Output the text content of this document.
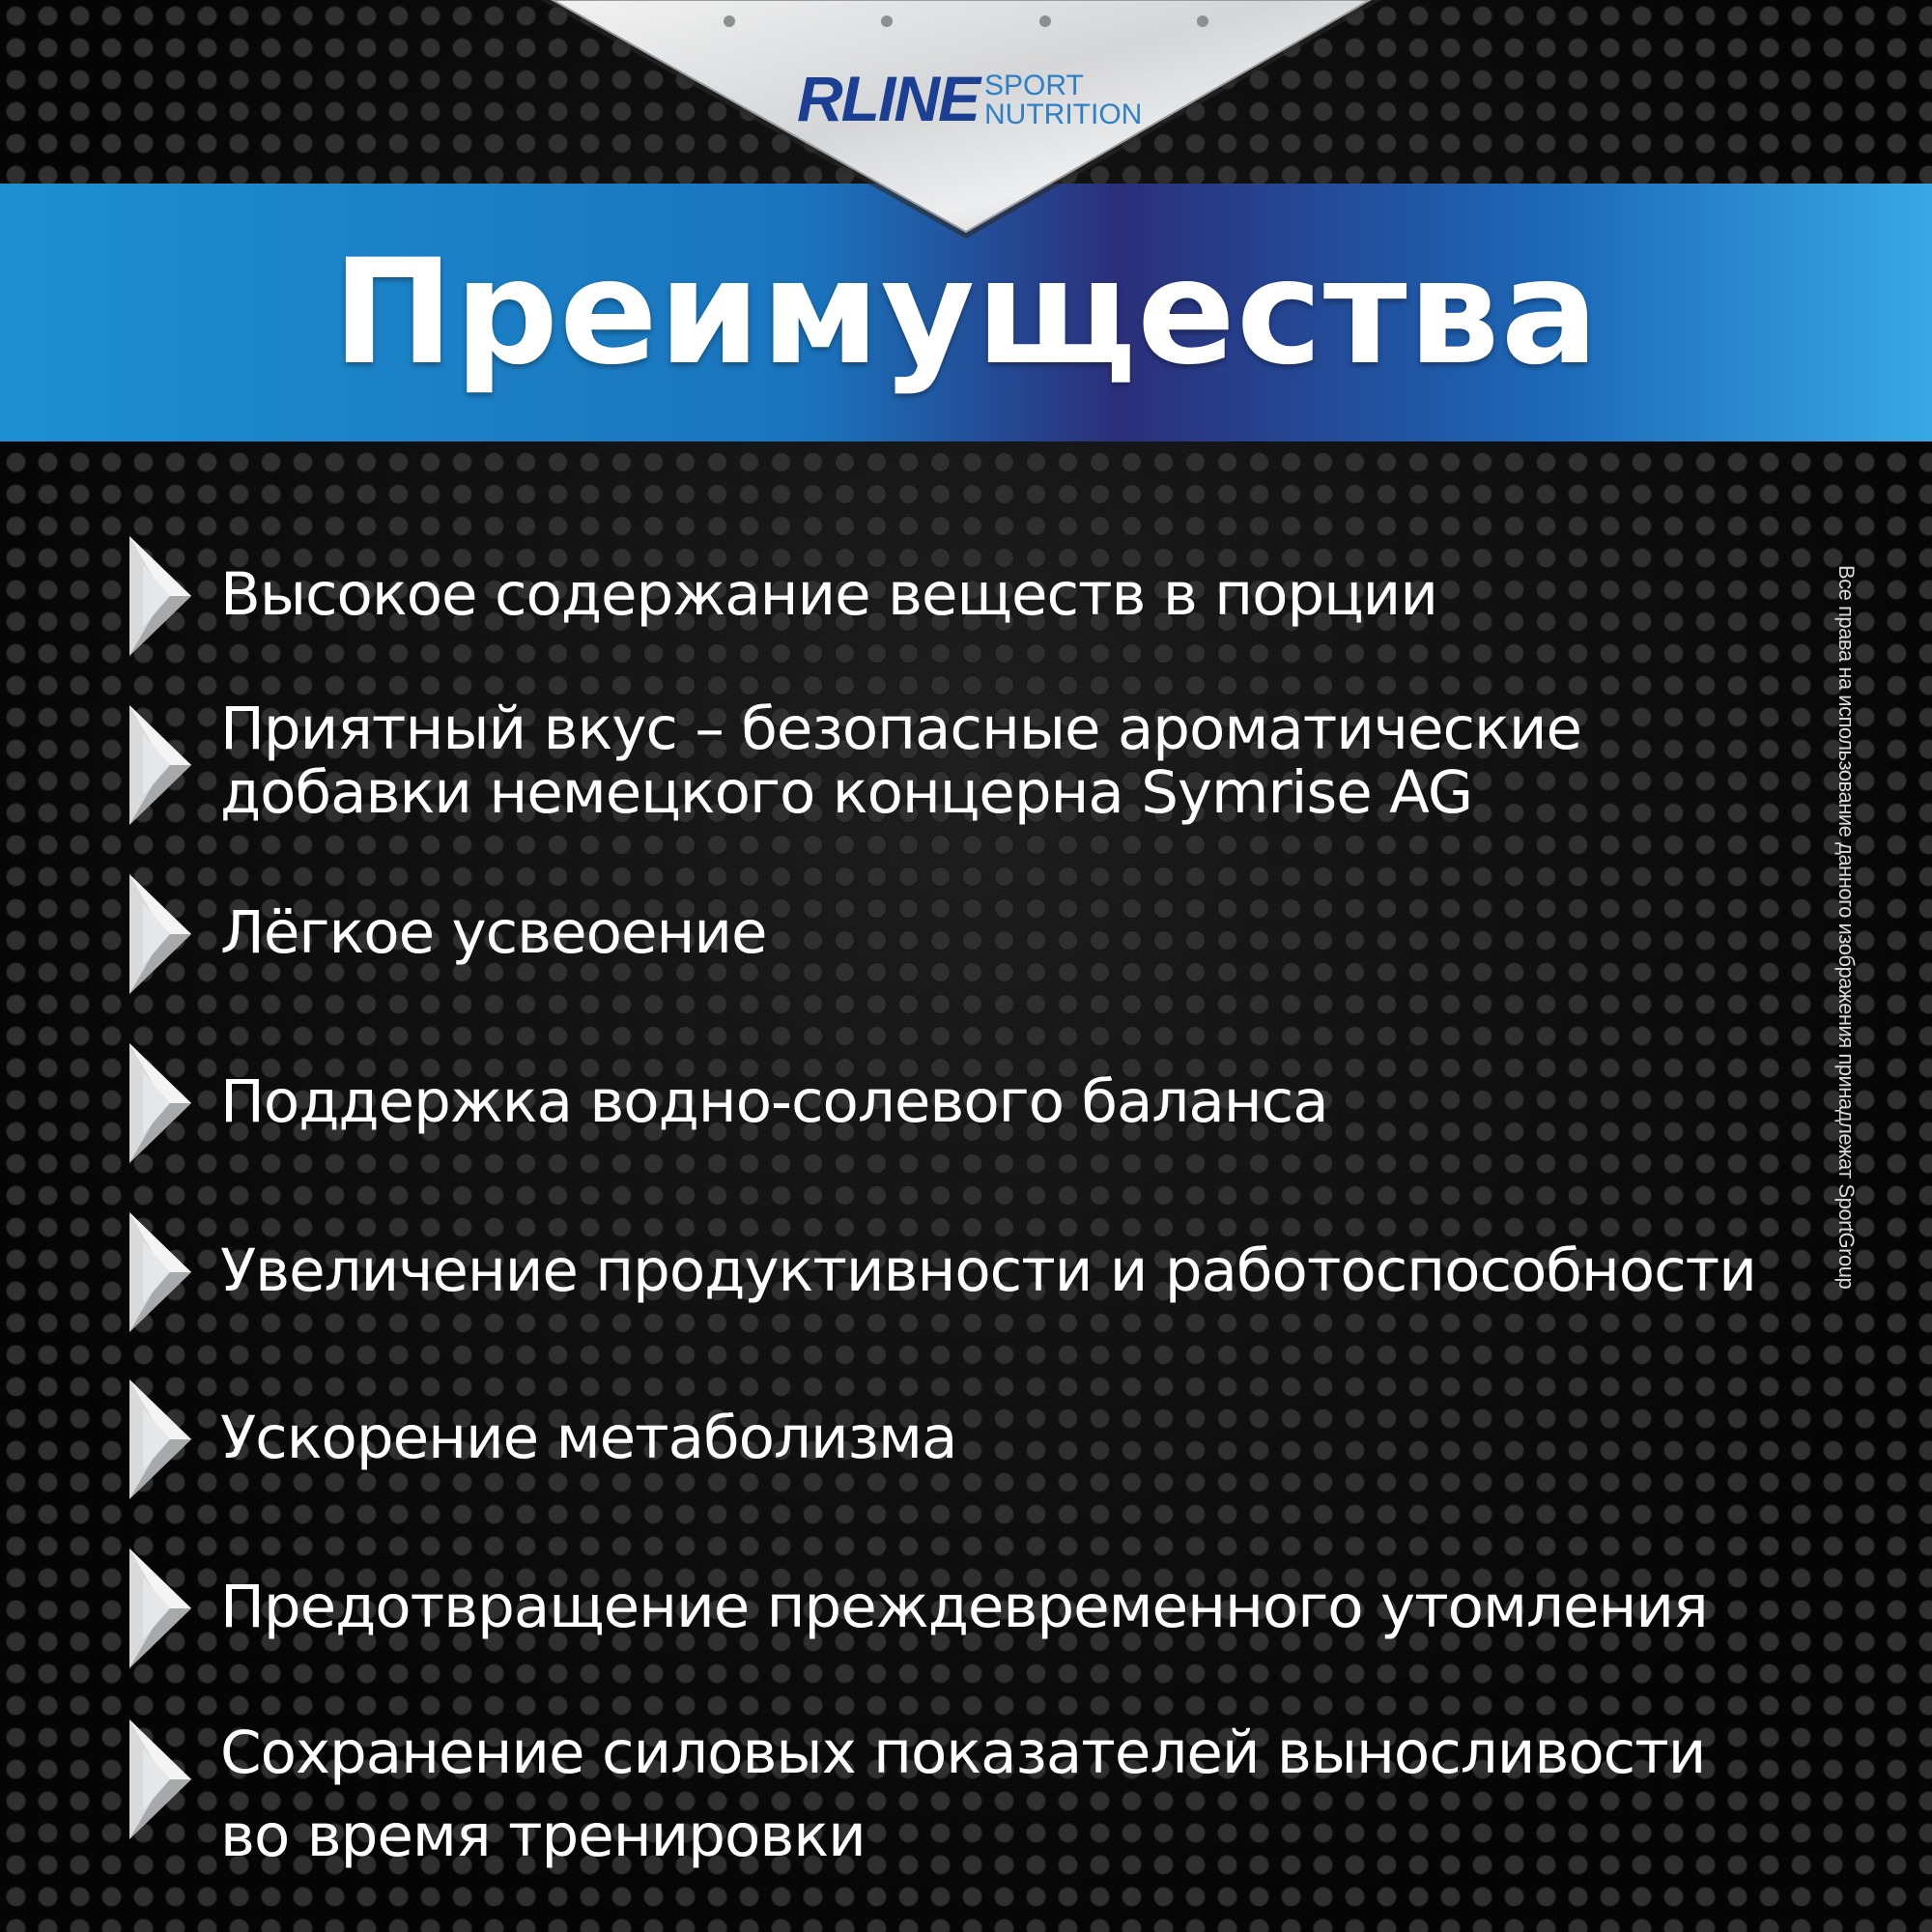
RLINE SPORT
NUTRITION
Преимущества
Высокое содержание веществ в порции
Приятный вкус – безопасные ароматические
добавки немецкого концерна Symrise AG
Лёгкое усвеоение
Поддержка водно-солевого баланса
Увеличение продуктивности и работоспособности
Ускорение метаболизма
Предотвращение преждевременного утомления
Сохранение силовых показателей выносливости
во время тренировки
Все права на использование данного изображения принадлежат SportGroup
